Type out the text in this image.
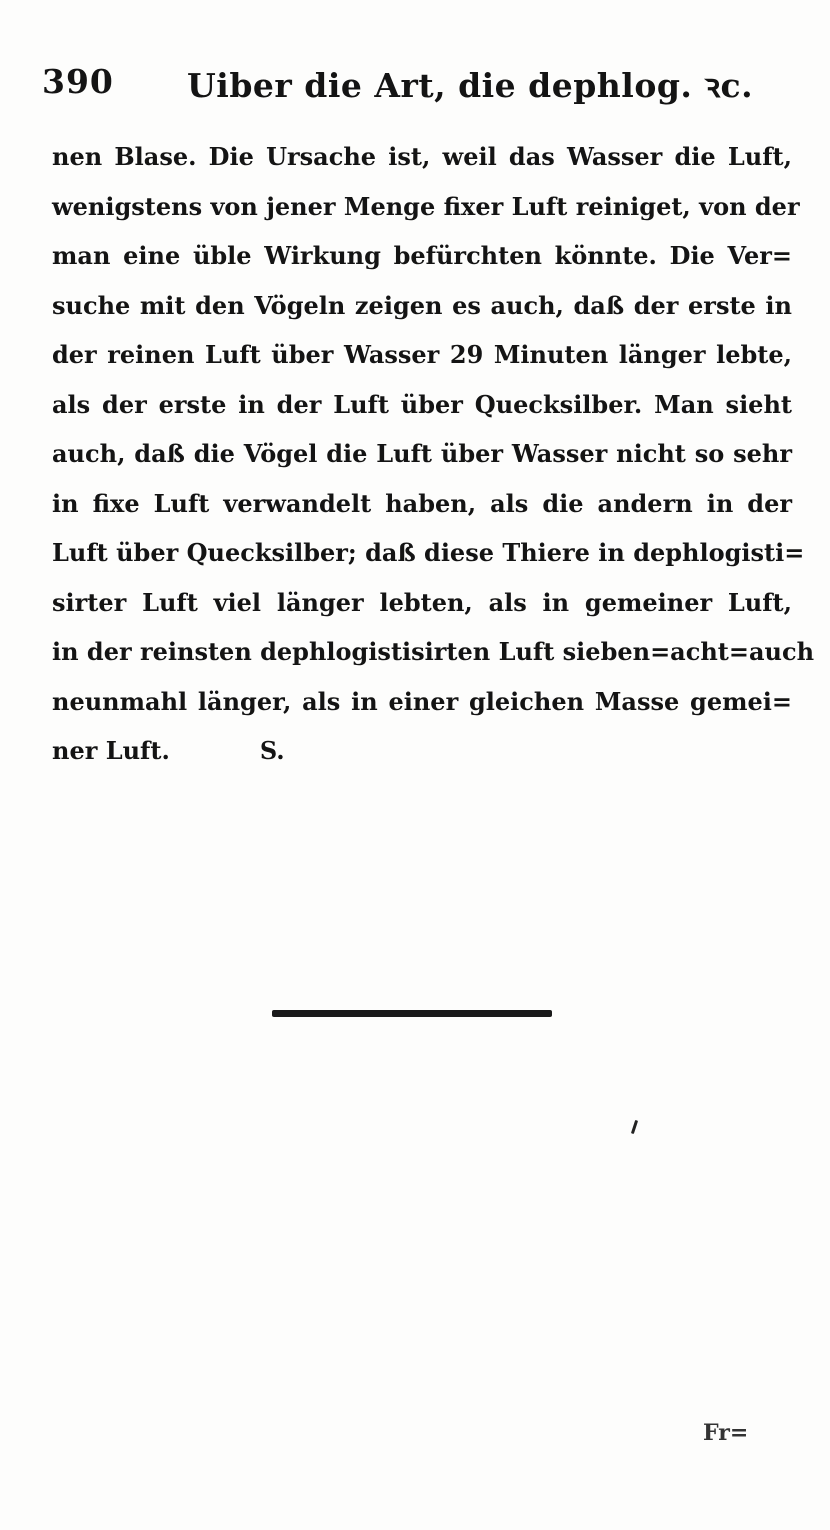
390 Uiber die Art, die dephlog. ꝛc.
nen Blase. Die Ursache ist, weil das Wasser die Luft,
wenigstens von jener Menge fixer Luft reiniget, von der
man eine üble Wirkung befürchten könnte. Die Ver=
suche mit den Vögeln zeigen es auch, daß der erste in
der reinen Luft über Wasser 29 Minuten länger lebte,
als der erste in der Luft über Quecksilber. Man sieht
auch, daß die Vögel die Luft über Wasser nicht so sehr
in fixe Luft verwandelt haben, als die andern in der
Luft über Quecksilber; daß diese Thiere in dephlogisti=
sirter Luft viel länger lebten, als in gemeiner Luft,
in der reinsten dephlogistisirten Luft sieben=acht=auch
neunmahl länger, als in einer gleichen Masse gemei=
ner Luft.	S.
Fr=
